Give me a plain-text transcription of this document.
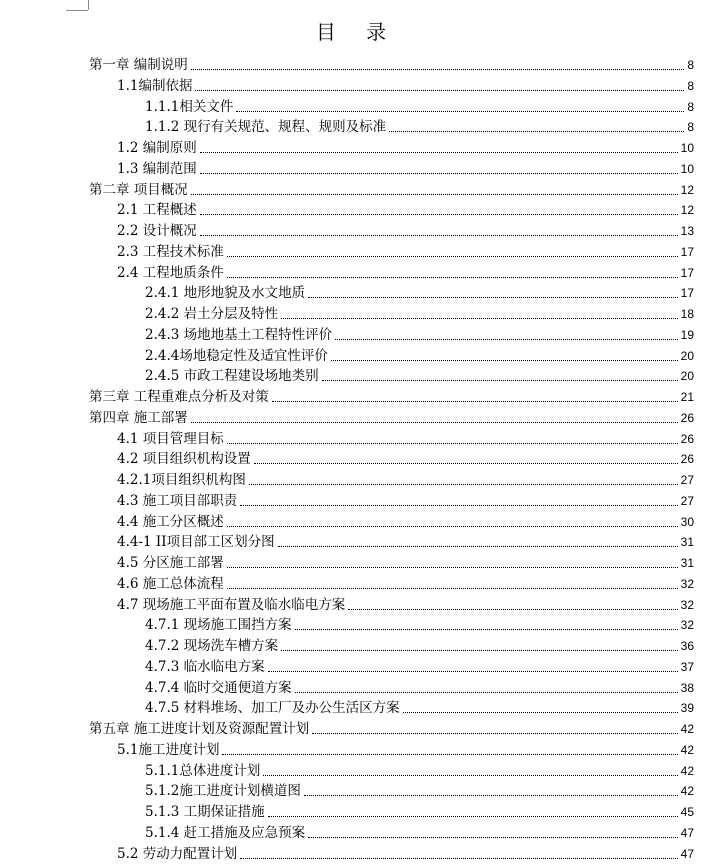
目 录
第一章 编制说明	8
1.1编制依据	8
1.1.1相关文件	8
1.1.2 现行有关规范、规程、规则及标准	8
1.2 编制原则	10
1.3 编制范围	10
第二章 项目概况	12
2.1 工程概述	12
2.2 设计概况	13
2.3 工程技术标准	17
2.4 工程地质条件	17
2.4.1 地形地貌及水文地质	17
2.4.2 岩土分层及特性	18
2.4.3 场地地基土工程特性评价	19
2.4.4场地稳定性及适宜性评价	20
2.4.5 市政工程建设场地类别	20
第三章 工程重难点分析及对策	21
第四章 施工部署	26
4.1 项目管理目标	26
4.2 项目组织机构设置	26
4.2.1项目组织机构图	27
4.3 施工项目部职责	27
4.4 施工分区概述	30
4.4-1 II项目部工区划分图	31
4.5 分区施工部署	31
4.6 施工总体流程	32
4.7 现场施工平面布置及临水临电方案	32
4.7.1 现场施工围挡方案	32
4.7.2 现场洗车槽方案	36
4.7.3 临水临电方案	37
4.7.4 临时交通便道方案	38
4.7.5 材料堆场、加工厂及办公生活区方案	39
第五章 施工进度计划及资源配置计划	42
5.1施工进度计划	42
5.1.1总体进度计划	42
5.1.2施工进度计划横道图	42
5.1.3 工期保证措施	45
5.1.4 赶工措施及应急预案	47
5.2 劳动力配置计划	47
